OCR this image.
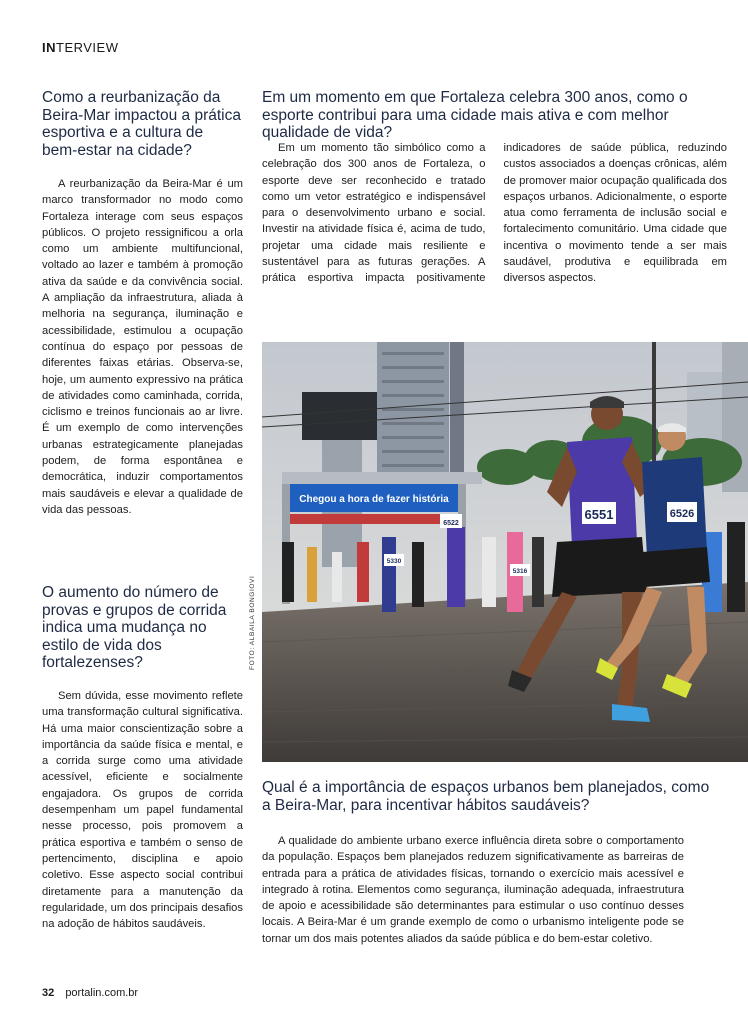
INTERVIEW
Como a reurbanização da Beira-Mar impactou a prática esportiva e a cultura de bem-estar na cidade?
A reurbanização da Beira-Mar é um marco transformador no modo como Fortaleza interage com seus espaços públicos. O projeto ressignificou a orla como um ambiente multifuncional, voltado ao lazer e também à promoção ativa da saúde e da convivência social. A ampliação da infraestrutura, aliada à melhoria na segurança, iluminação e acessibilidade, estimulou a ocupação contínua do espaço por pessoas de diferentes faixas etárias. Observa-se, hoje, um aumento expressivo na prática de atividades como caminhada, corrida, ciclismo e treinos funcionais ao ar livre. É um exemplo de como intervenções urbanas estrategicamente planejadas podem, de forma espontânea e democrática, induzir comportamentos mais saudáveis e elevar a qualidade de vida das pessoas.
O aumento do número de provas e grupos de corrida indica uma mudança no estilo de vida dos fortalezenses?
Sem dúvida, esse movimento reflete uma transformação cultural significativa. Há uma maior conscientização sobre a importância da saúde física e mental, e a corrida surge como uma atividade acessível, eficiente e socialmente engajadora. Os grupos de corrida desempenham um papel fundamental nesse processo, pois promovem a prática esportiva e também o senso de pertencimento, disciplina e apoio coletivo. Esse aspecto social contribui diretamente para a manutenção da regularidade, um dos principais desafios na adoção de hábitos saudáveis.
Em um momento em que Fortaleza celebra 300 anos, como o esporte contribui para uma cidade mais ativa e com melhor qualidade de vida?
Em um momento tão simbólico como a celebração dos 300 anos de Fortaleza, o esporte deve ser reconhecido e tratado como um vetor estratégico e indispensável para o desenvolvimento urbano e social. Investir na atividade física é, acima de tudo, projetar uma cidade mais resiliente e sustentável para as futuras gerações. A prática esportiva impacta positivamente indicadores de saúde pública, reduzindo custos associados a doenças crônicas, além de promover maior ocupação qualificada dos espaços urbanos. Adicionalmente, o esporte atua como ferramenta de inclusão social e fortalecimento comunitário. Uma cidade que incentiva o movimento tende a ser mais saudável, produtiva e equilibrada em diversos aspectos.
Chegou a hora de fazer história
6551	6526
6522
5330
5316
FOTO: ALBAILA BONGIOVI
Qual é a importância de espaços urbanos bem planejados, como a Beira-Mar, para incentivar hábitos saudáveis?
A qualidade do ambiente urbano exerce influência direta sobre o comportamento da população. Espaços bem planejados reduzem significativamente as barreiras de entrada para a prática de atividades físicas, tornando o exercício mais acessível e integrado à rotina. Elementos como segurança, iluminação adequada, infraestrutura de apoio e acessibilidade são determinantes para estimular o uso contínuo desses locais. A Beira-Mar é um grande exemplo de como o urbanismo inteligente pode se tornar um dos mais potentes aliados da saúde pública e do bem-estar coletivo.
32 portalin.com.br
